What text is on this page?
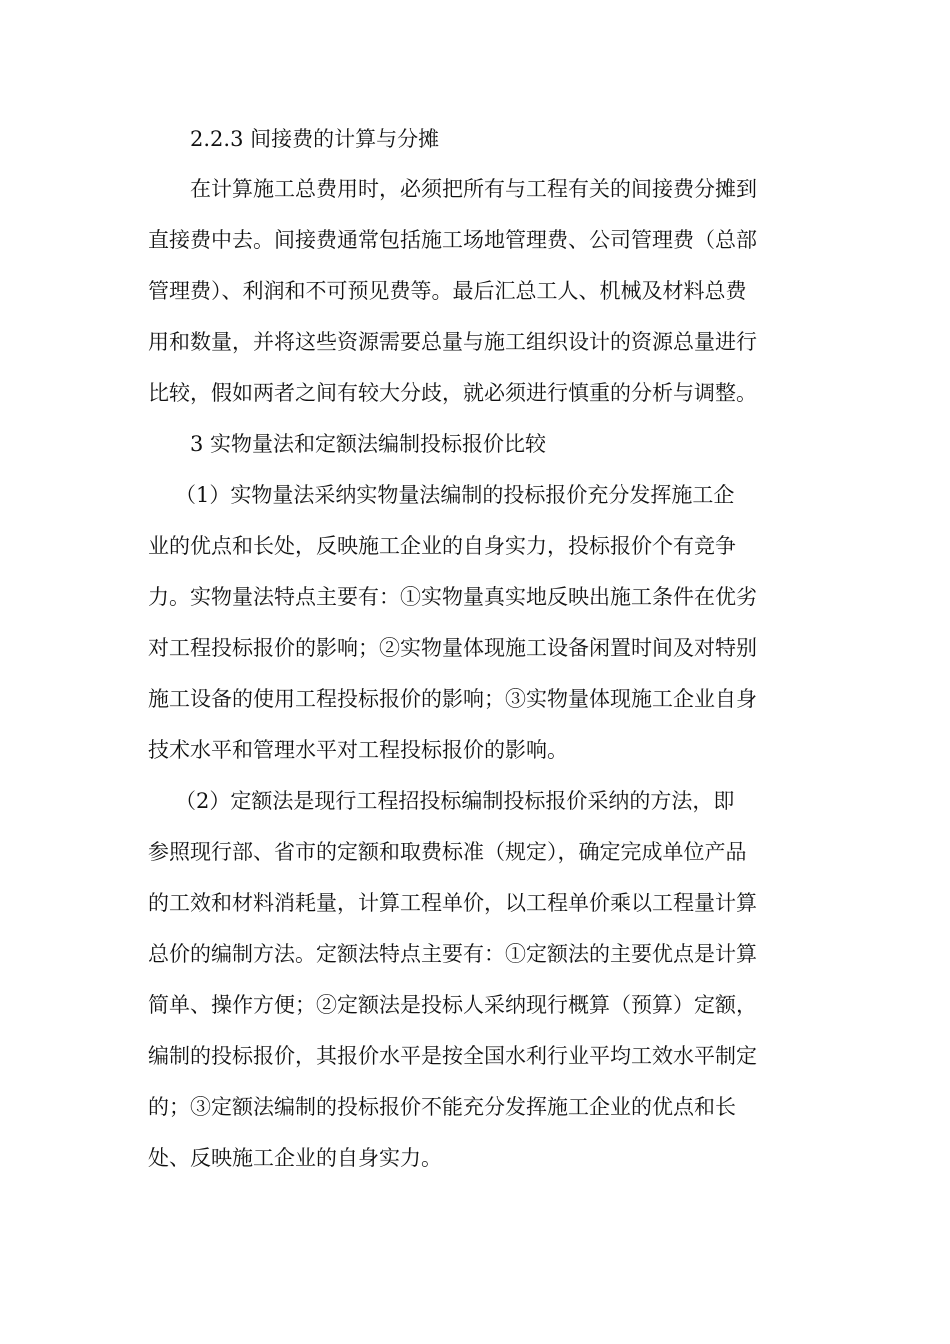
2.2.3 间接费的计算与分摊
在计算施工总费用时，必须把所有与工程有关的间接费分摊到
直接费中去。间接费通常包括施工场地管理费、公司管理费（总部
管理费）、利润和不可预见费等。最后汇总工人、机械及材料总费
用和数量，并将这些资源需要总量与施工组织设计的资源总量进行
比较，假如两者之间有较大分歧，就必须进行慎重的分析与调整。
3 实物量法和定额法编制投标报价比较
（1）实物量法采纳实物量法编制的投标报价充分发挥施工企
业的优点和长处，反映施工企业的自身实力，投标报价个有竞争
力。实物量法特点主要有：①实物量真实地反映出施工条件在优劣
对工程投标报价的影响；②实物量体现施工设备闲置时间及对特别
施工设备的使用工程投标报价的影响；③实物量体现施工企业自身
技术水平和管理水平对工程投标报价的影响。
（2）定额法是现行工程招投标编制投标报价采纳的方法，即
参照现行部、省市的定额和取费标准（规定），确定完成单位产品
的工效和材料消耗量，计算工程单价，以工程单价乘以工程量计算
总价的编制方法。定额法特点主要有：①定额法的主要优点是计算
简单、操作方便；②定额法是投标人采纳现行概算（预算）定额，
编制的投标报价，其报价水平是按全国水利行业平均工效水平制定
的；③定额法编制的投标报价不能充分发挥施工企业的优点和长
处、反映施工企业的自身实力。
